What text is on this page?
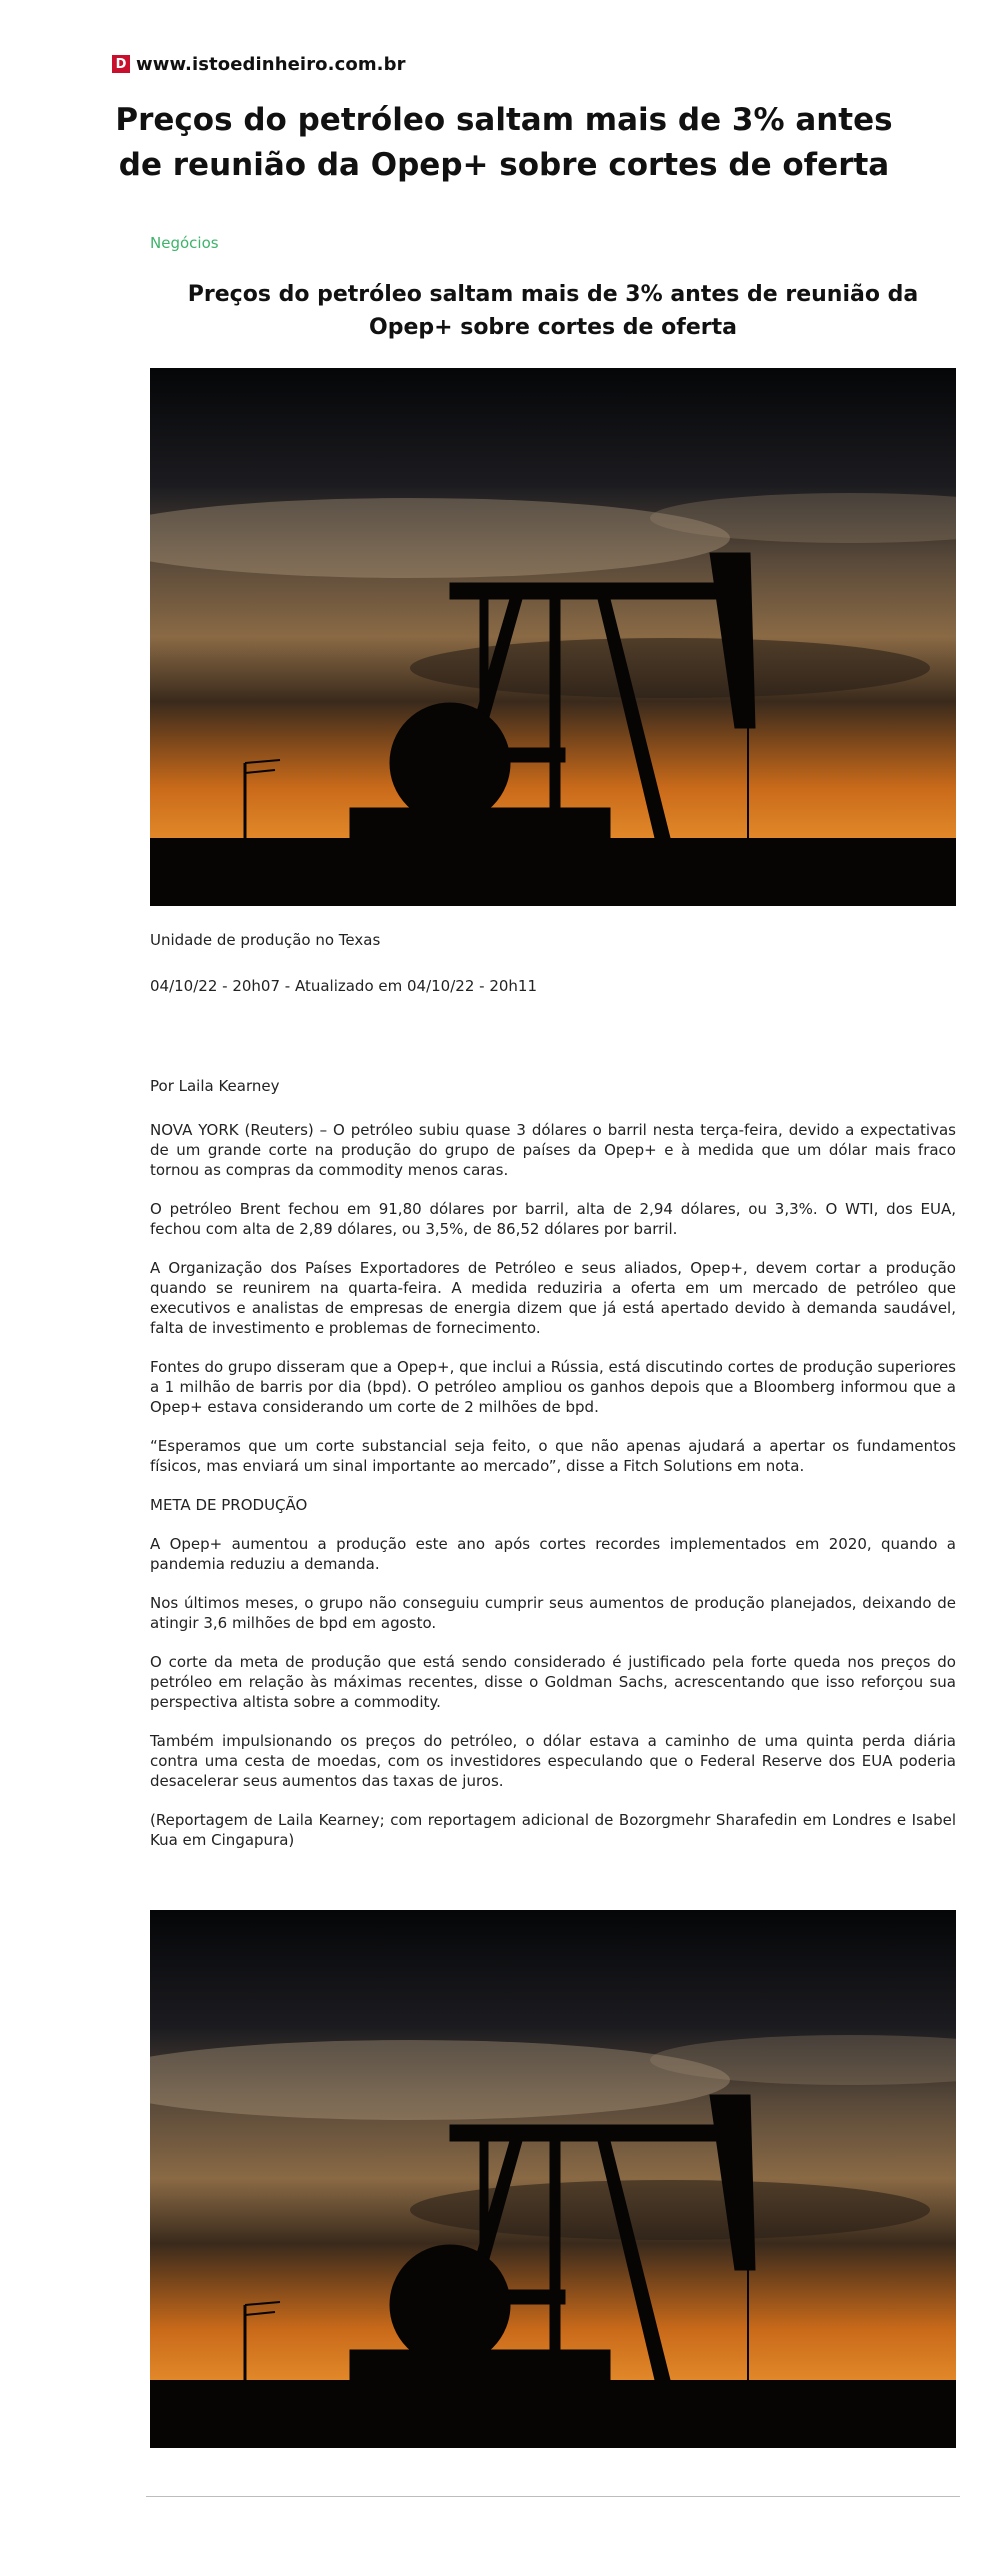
D www.istoedinheiro.com.br
Preços do petróleo saltam mais de 3% antes de reunião da Opep+ sobre cortes de oferta
Negócios
Preços do petróleo saltam mais de 3% antes de reunião da Opep+ sobre cortes de oferta
Unidade de produção no Texas
04/10/22 - 20h07 - Atualizado em 04/10/22 - 20h11
Por Laila Kearney

NOVA YORK (Reuters) – O petróleo subiu quase 3 dólares o barril nesta terça-feira, devido a expectativas de um grande corte na produção do grupo de países da Opep+ e à medida que um dólar mais fraco tornou as compras da commodity menos caras.

O petróleo Brent fechou em 91,80 dólares por barril, alta de 2,94 dólares, ou 3,3%. O WTI, dos EUA, fechou com alta de 2,89 dólares, ou 3,5%, de 86,52 dólares por barril.

A Organização dos Países Exportadores de Petróleo e seus aliados, Opep+, devem cortar a produção quando se reunirem na quarta-feira. A medida reduziria a oferta em um mercado de petróleo que executivos e analistas de empresas de energia dizem que já está apertado devido à demanda saudável, falta de investimento e problemas de fornecimento.

Fontes do grupo disseram que a Opep+, que inclui a Rússia, está discutindo cortes de produção superiores a 1 milhão de barris por dia (bpd). O petróleo ampliou os ganhos depois que a Bloomberg informou que a Opep+ estava considerando um corte de 2 milhões de bpd.

“Esperamos que um corte substancial seja feito, o que não apenas ajudará a apertar os fundamentos físicos, mas enviará um sinal importante ao mercado”, disse a Fitch Solutions em nota.

META DE PRODUÇÃO

A Opep+ aumentou a produção este ano após cortes recordes implementados em 2020, quando a pandemia reduziu a demanda.

Nos últimos meses, o grupo não conseguiu cumprir seus aumentos de produção planejados, deixando de atingir 3,6 milhões de bpd em agosto.

O corte da meta de produção que está sendo considerado é justificado pela forte queda nos preços do petróleo em relação às máximas recentes, disse o Goldman Sachs, acrescentando que isso reforçou sua perspectiva altista sobre a commodity.

Também impulsionando os preços do petróleo, o dólar estava a caminho de uma quinta perda diária contra uma cesta de moedas, com os investidores especulando que o Federal Reserve dos EUA poderia desacelerar seus aumentos das taxas de juros.

(Reportagem de Laila Kearney; com reportagem adicional de Bozorgmehr Sharafedin em Londres e Isabel Kua em Cingapura)
